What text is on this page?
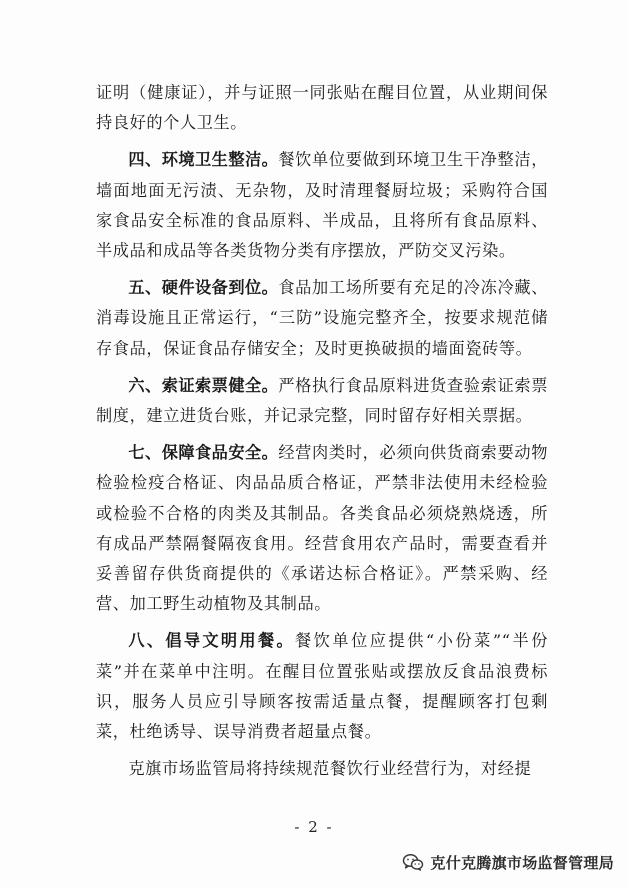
证明（健康证），并与证照一同张贴在醒目位置，从业期间保持良好的个人卫生。

四、环境卫生整洁。餐饮单位要做到环境卫生干净整洁，墙面地面无污渍、无杂物，及时清理餐厨垃圾；采购符合国家食品安全标准的食品原料、半成品，且将所有食品原料、半成品和成品等各类货物分类有序摆放，严防交叉污染。

五、硬件设备到位。食品加工场所要有充足的冷冻冷藏、消毒设施且正常运行，“三防”设施完整齐全，按要求规范储存食品，保证食品存储安全；及时更换破损的墙面瓷砖等。

六、索证索票健全。严格执行食品原料进货查验索证索票制度，建立进货台账，并记录完整，同时留存好相关票据。

七、保障食品安全。经营肉类时，必须向供货商索要动物检验检疫合格证、肉品品质合格证，严禁非法使用未经检验或检验不合格的肉类及其制品。各类食品必须烧熟烧透，所有成品严禁隔餐隔夜食用。经营食用农产品时，需要查看并妥善留存供货商提供的《承诺达标合格证》。严禁采购、经营、加工野生动植物及其制品。

八、倡导文明用餐。餐饮单位应提供“小份菜”“半份菜”并在菜单中注明。在醒目位置张贴或摆放反食品浪费标识，服务人员应引导顾客按需适量点餐，提醒顾客打包剩菜，杜绝诱导、误导消费者超量点餐。

克旗市场监管局将持续规范餐饮行业经营行为，对经提

- 2 -
克什克腾旗市场监督管理局
